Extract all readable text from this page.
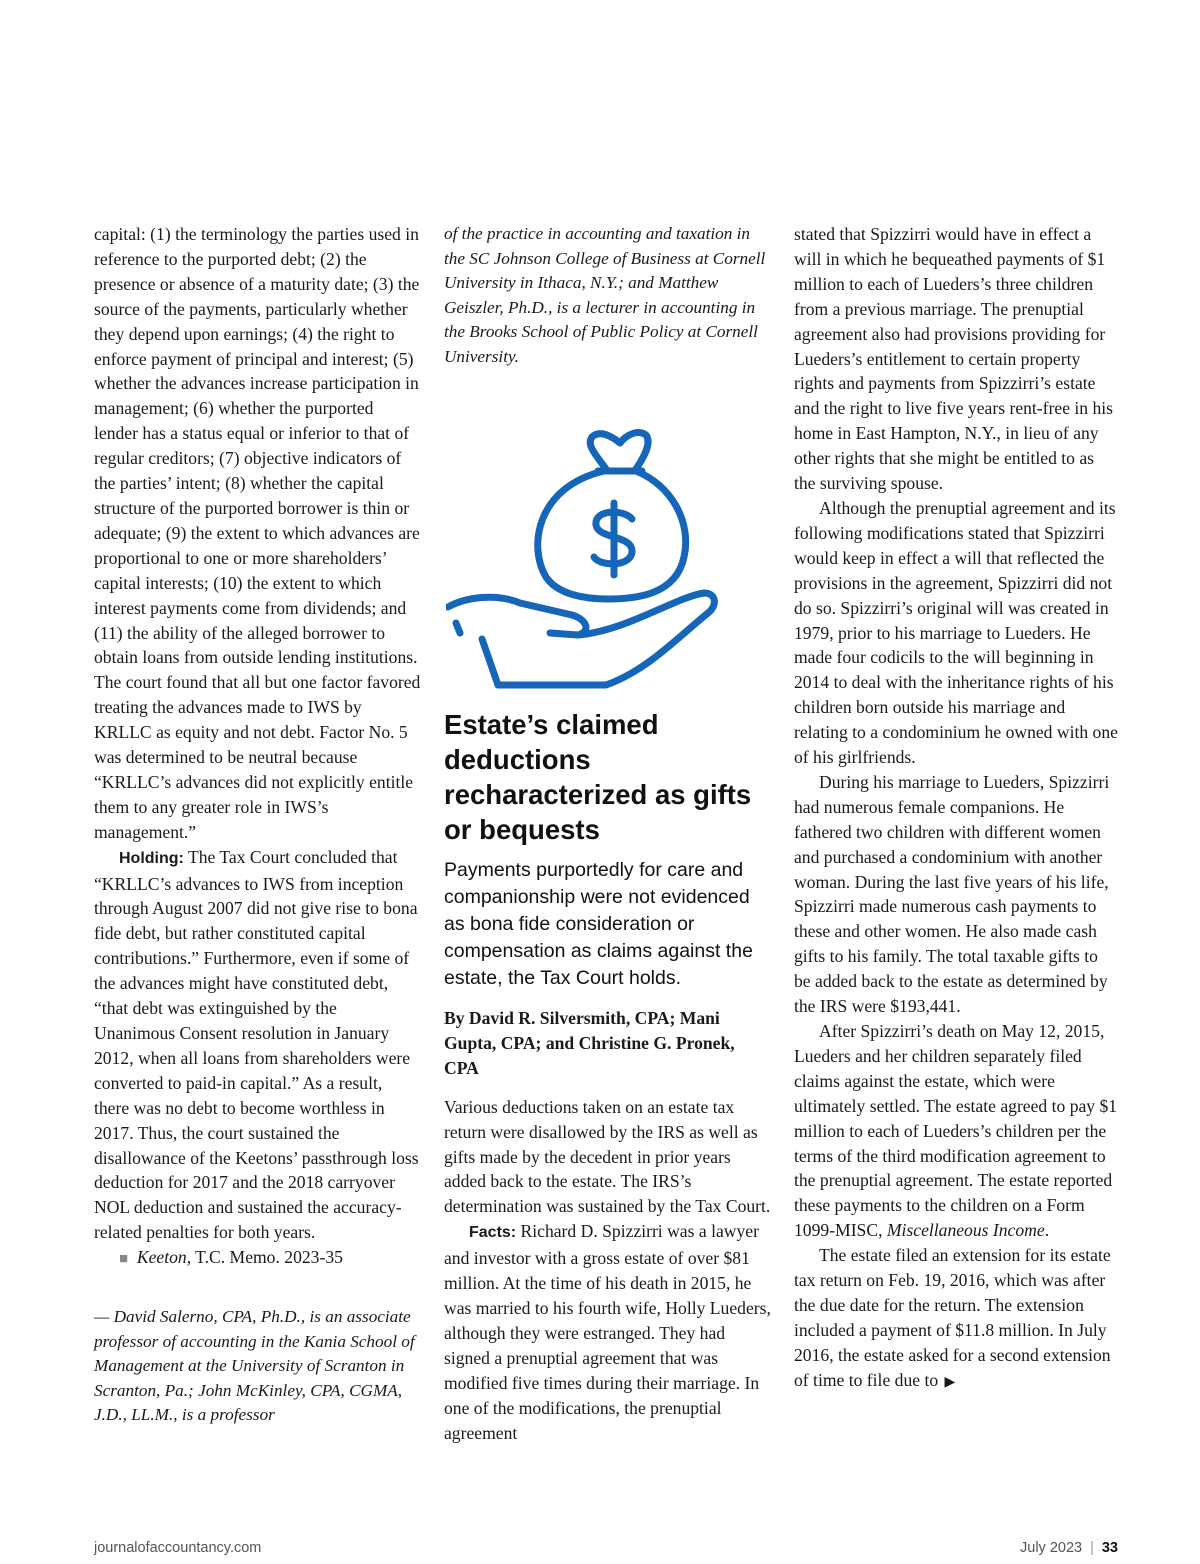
capital: (1) the terminology the parties used in reference to the purported debt; (2) the presence or absence of a maturity date; (3) the source of the payments, particularly whether they depend upon earnings; (4) the right to enforce payment of principal and interest; (5) whether the advances increase participation in management; (6) whether the purported lender has a status equal or inferior to that of regular creditors; (7) objective indicators of the parties’ intent; (8) whether the capital structure of the purported borrower is thin or adequate; (9) the extent to which advances are proportional to one or more shareholders’ capital interests; (10) the extent to which interest payments come from dividends; and (11) the ability of the alleged borrower to obtain loans from outside lending institutions. The court found that all but one factor favored treating the advances made to IWS by KRLLC as equity and not debt. Factor No. 5 was determined to be neutral because “KRLLC’s advances did not explicitly entitle them to any greater role in IWS’s management.”

Holding: The Tax Court concluded that “KRLLC’s advances to IWS from inception through August 2007 did not give rise to bona fide debt, but rather constituted capital contributions.” Furthermore, even if some of the advances might have constituted debt, “that debt was extinguished by the Unanimous Consent resolution in January 2012, when all loans from shareholders were converted to paid-in capital.” As a result, there was no debt to become worthless in 2017. Thus, the court sustained the disallowance of the Keetons’ passthrough loss deduction for 2017 and the 2018 carryover NOL deduction and sustained the accuracy-related penalties for both years.

■ Keeton, T.C. Memo. 2023-35

— David Salerno, CPA, Ph.D., is an associate professor of accounting in the Kania School of Management at the University of Scranton in Scranton, Pa.; John McKinley, CPA, CGMA, J.D., LL.M., is a professor

of the practice in accounting and taxation in the SC Johnson College of Business at Cornell University in Ithaca, N.Y.; and Matthew Geiszler, Ph.D., is a lecturer in accounting in the Brooks School of Public Policy at Cornell University.

Estate’s claimed deductions recharacterized as gifts or bequests

Payments purportedly for care and companionship were not evidenced as bona fide consideration or compensation as claims against the estate, the Tax Court holds.

By David R. Silversmith, CPA; Mani Gupta, CPA; and Christine G. Pronek, CPA

Various deductions taken on an estate tax return were disallowed by the IRS as well as gifts made by the decedent in prior years added back to the estate. The IRS’s determination was sustained by the Tax Court.

Facts: Richard D. Spizzirri was a lawyer and investor with a gross estate of over $81 million. At the time of his death in 2015, he was married to his fourth wife, Holly Lueders, although they were estranged. They had signed a prenuptial agreement that was modified five times during their marriage. In one of the modifications, the prenuptial agreement

stated that Spizzirri would have in effect a will in which he bequeathed payments of $1 million to each of Lueders’s three children from a previous marriage. The prenuptial agreement also had provisions providing for Lueders’s entitlement to certain property rights and payments from Spizzirri’s estate and the right to live five years rent-free in his home in East Hampton, N.Y., in lieu of any other rights that she might be entitled to as the surviving spouse.

Although the prenuptial agreement and its following modifications stated that Spizzirri would keep in effect a will that reflected the provisions in the agreement, Spizzirri did not do so. Spizzirri’s original will was created in 1979, prior to his marriage to Lueders. He made four codicils to the will beginning in 2014 to deal with the inheritance rights of his children born outside his marriage and relating to a condominium he owned with one of his girlfriends.

During his marriage to Lueders, Spizzirri had numerous female companions. He fathered two children with different women and purchased a condominium with another woman. During the last five years of his life, Spizzirri made numerous cash payments to these and other women. He also made cash gifts to his family. The total taxable gifts to be added back to the estate as determined by the IRS were $193,441.

After Spizzirri’s death on May 12, 2015, Lueders and her children separately filed claims against the estate, which were ultimately settled. The estate agreed to pay $1 million to each of Lueders’s children per the terms of the third modification agreement to the prenuptial agreement. The estate reported these payments to the children on a Form 1099-MISC, Miscellaneous Income.

The estate filed an extension for its estate tax return on Feb. 19, 2016, which was after the due date for the return. The extension included a payment of $11.8 million. In July 2016, the estate asked for a second extension of time to file due to ▶

journalofaccountancy.com	July 2023 | 33
